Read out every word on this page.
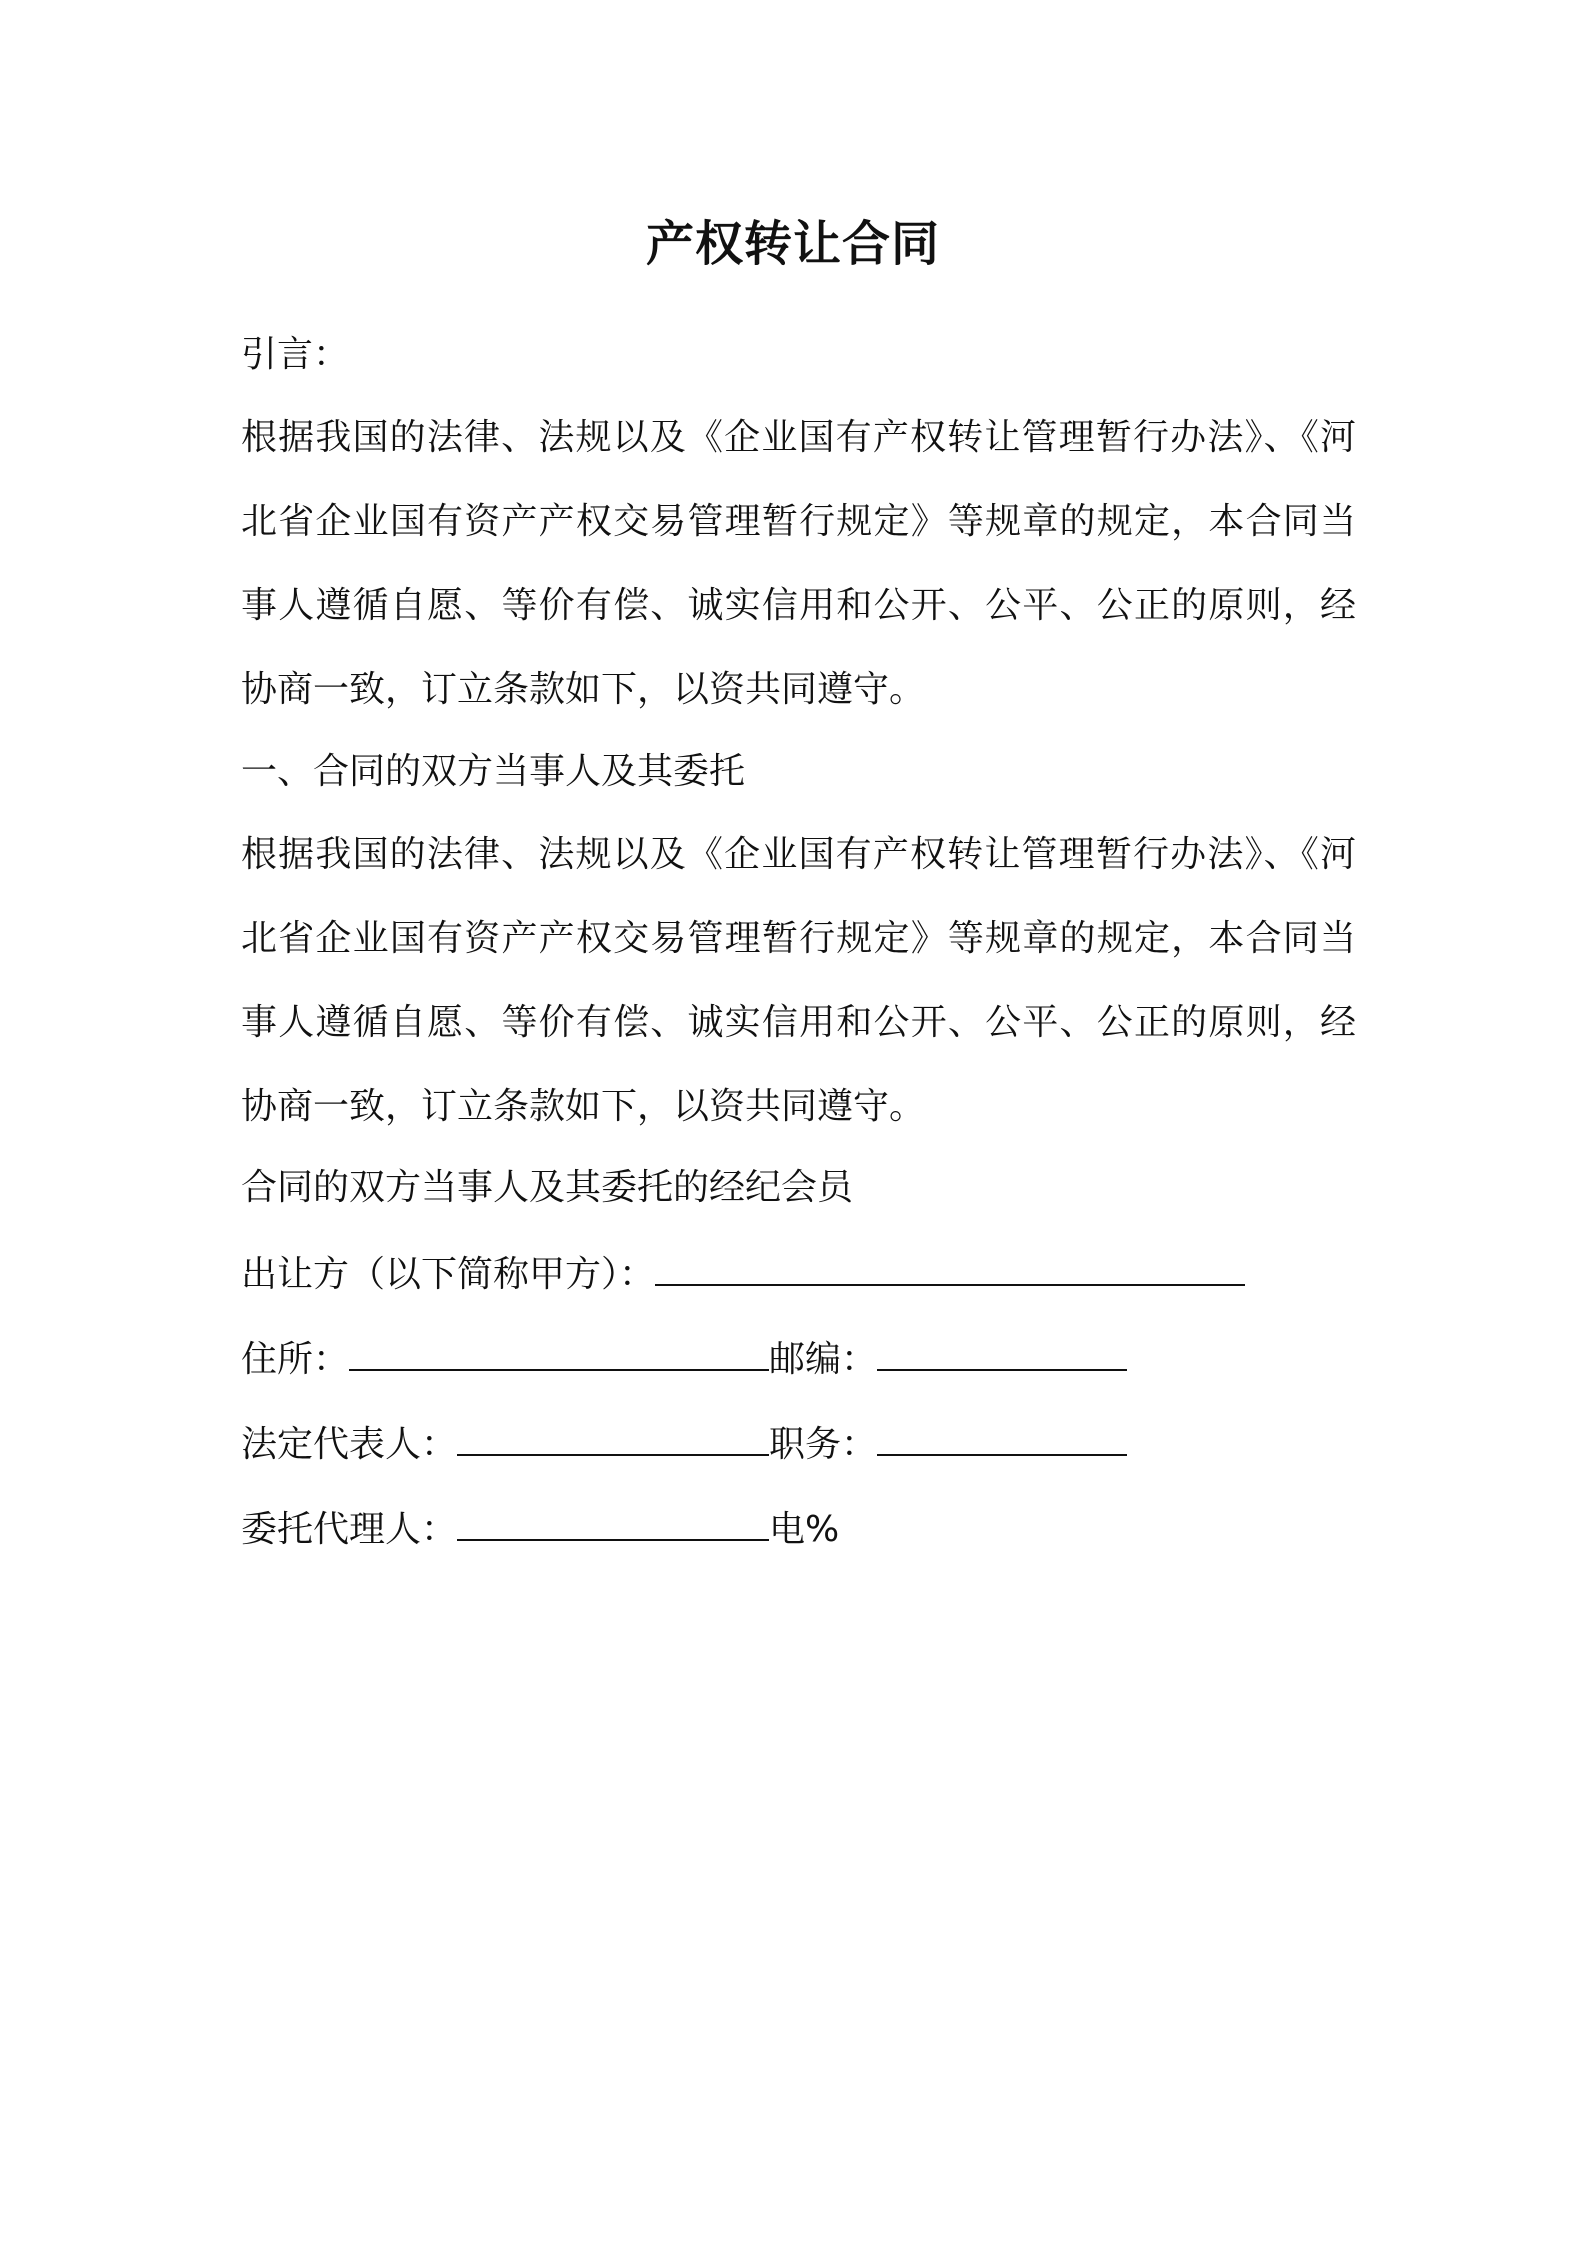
产权转让合同
引言：
根据我国的法律、法规以及《企业国有产权转让管理暂行办法》、《河北省企业国有资产产权交易管理暂行规定》等规章的规定，本合同当事人遵循自愿、等价有偿、诚实信用和公开、公平、公正的原则，经协商一致，订立条款如下，以资共同遵守。
一、合同的双方当事人及其委托
根据我国的法律、法规以及《企业国有产权转让管理暂行办法》、《河北省企业国有资产产权交易管理暂行规定》等规章的规定，本合同当事人遵循自愿、等价有偿、诚实信用和公开、公平、公正的原则，经协商一致，订立条款如下，以资共同遵守。
合同的双方当事人及其委托的经纪会员
出让方（以下简称甲方）：
住所：	邮编：
法定代表人：	职务：
委托代理人：	电%
